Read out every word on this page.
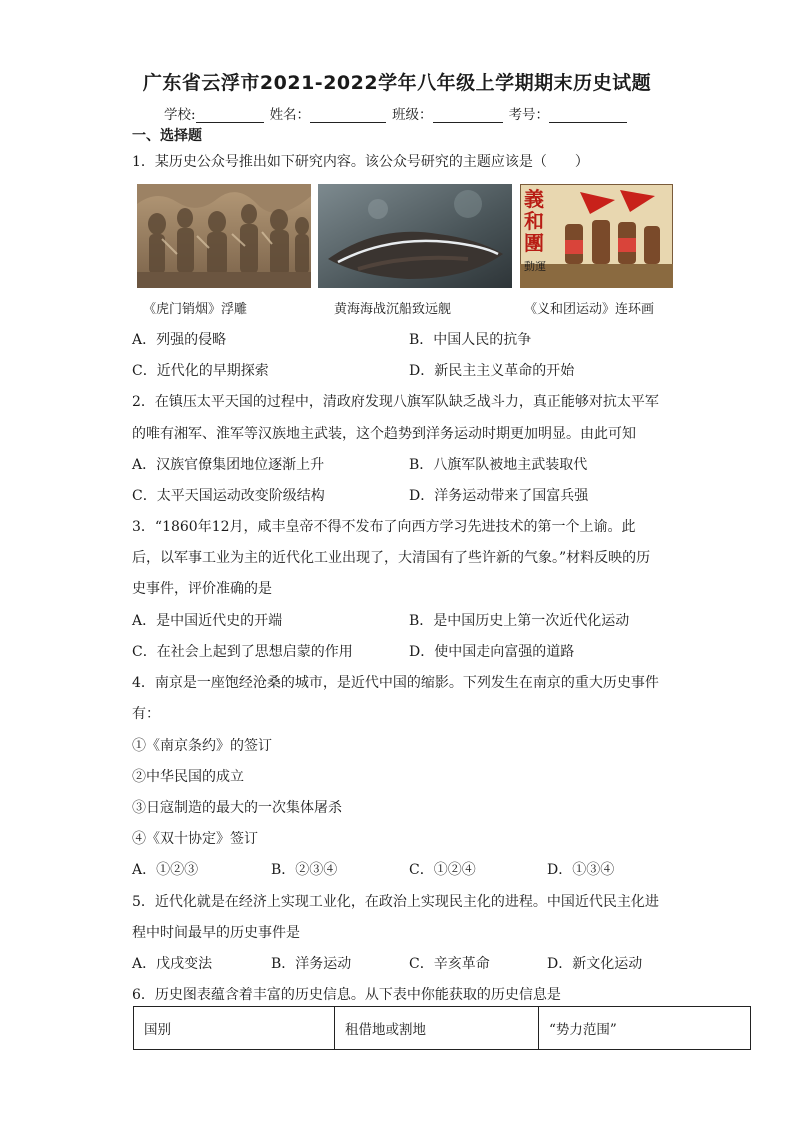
广东省云浮市2021-2022学年八年级上学期期末历史试题
学校:	姓名：	班级：	考号：
一、选择题
1．某历史公众号推出如下研究内容。该公众号研究的主题应该是（　　）
義
和
團
動運
《虎门销烟》浮雕	黄海海战沉船致远舰	《义和团运动》连环画
A．列强的侵略	B．中国人民的抗争
C．近代化的早期探索	D．新民主主义革命的开始
2．在镇压太平天国的过程中，清政府发现八旗军队缺乏战斗力，真正能够对抗太平军
的唯有湘军、淮军等汉族地主武装，这个趋势到洋务运动时期更加明显。由此可知
A．汉族官僚集团地位逐渐上升	B．八旗军队被地主武装取代
C．太平天国运动改变阶级结构	D．洋务运动带来了国富兵强
3．“1860年12月，咸丰皇帝不得不发布了向西方学习先进技术的第一个上谕。此
后，以军事工业为主的近代化工业出现了，大清国有了些许新的气象。”材料反映的历
史事件，评价准确的是
A．是中国近代史的开端	B．是中国历史上第一次近代化运动
C．在社会上起到了思想启蒙的作用	D．使中国走向富强的道路
4．南京是一座饱经沧桑的城市，是近代中国的缩影。下列发生在南京的重大历史事件
有：
①《南京条约》的签订
②中华民国的成立
③日寇制造的最大的一次集体屠杀
④《双十协定》签订
A．①②③	B．②③④	C．①②④	D．①③④
5．近代化就是在经济上实现工业化，在政治上实现民主化的进程。中国近代民主化进
程中时间最早的历史事件是
A．戊戌变法	B．洋务运动	C．辛亥革命	D．新文化运动
6．历史图表蕴含着丰富的历史信息。从下表中你能获取的历史信息是
国别	租借地或割地	“势力范围”
